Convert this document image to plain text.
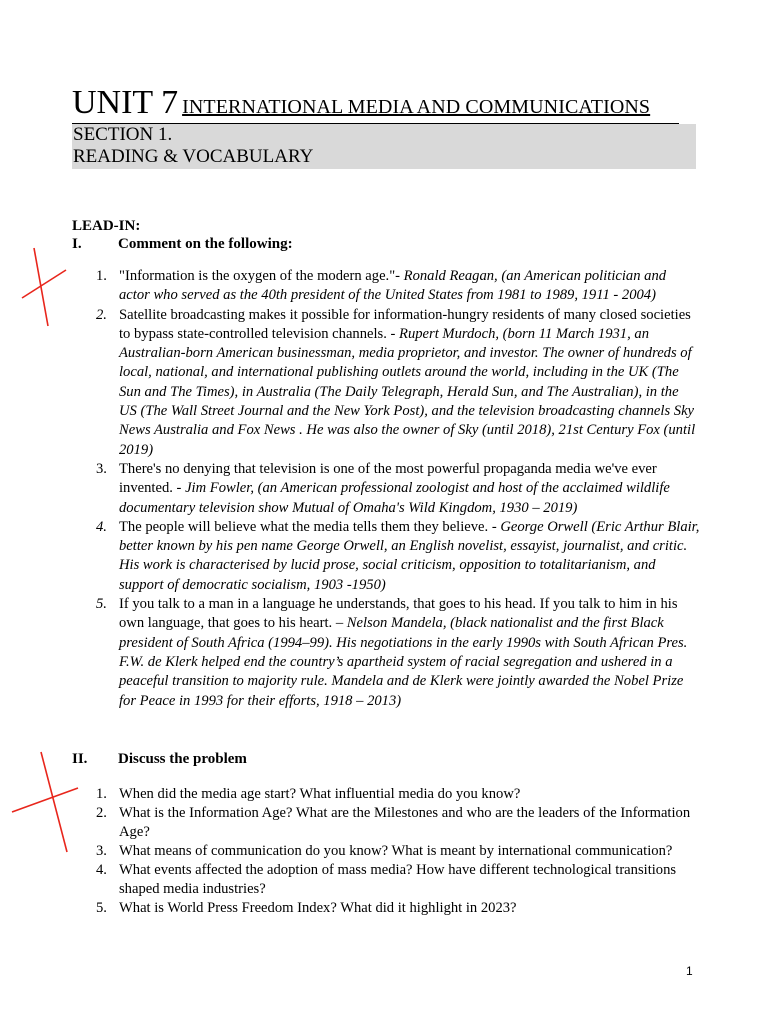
UNIT 7 INTERNATIONAL MEDIA AND COMMUNICATIONS
SECTION 1.
READING & VOCABULARY
LEAD-IN:
I. Comment on the following:
1. "Information is the oxygen of the modern age."- Ronald Reagan, (an American politician and actor who served as the 40th president of the United States from 1981 to 1989, 1911 - 2004)
2. Satellite broadcasting makes it possible for information-hungry residents of many closed societies to bypass state-controlled television channels. - Rupert Murdoch, (born 11 March 1931, an Australian-born American businessman, media proprietor, and investor. The owner of hundreds of local, national, and international publishing outlets around the world, including in the UK (The Sun and The Times), in Australia (The Daily Telegraph, Herald Sun, and The Australian), in the US (The Wall Street Journal and the New York Post), and the television broadcasting channels Sky News Australia and Fox News . He was also the owner of Sky (until 2018), 21st Century Fox (until 2019)
3. There's no denying that television is one of the most powerful propaganda media we've ever invented. - Jim Fowler, (an American professional zoologist and host of the acclaimed wildlife documentary television show Mutual of Omaha's Wild Kingdom, 1930 – 2019)
4. The people will believe what the media tells them they believe. - George Orwell (Eric Arthur Blair, better known by his pen name George Orwell, an English novelist, essayist, journalist, and critic. His work is characterised by lucid prose, social criticism, opposition to totalitarianism, and support of democratic socialism, 1903 -1950)
5. If you talk to a man in a language he understands, that goes to his head. If you talk to him in his own language, that goes to his heart. – Nelson Mandela, (black nationalist and the first Black president of South Africa (1994–99). His negotiations in the early 1990s with South African Pres. F.W. de Klerk helped end the country’s apartheid system of racial segregation and ushered in a peaceful transition to majority rule. Mandela and de Klerk were jointly awarded the Nobel Prize for Peace in 1993 for their efforts, 1918 – 2013)
II. Discuss the problem
1. When did the media age start? What influential media do you know?
2. What is the Information Age? What are the Milestones and who are the leaders of the Information Age?
3. What means of communication do you know? What is meant by international communication?
4. What events affected the adoption of mass media? How have different technological transitions shaped media industries?
5. What is World Press Freedom Index? What did it highlight in 2023?
1
